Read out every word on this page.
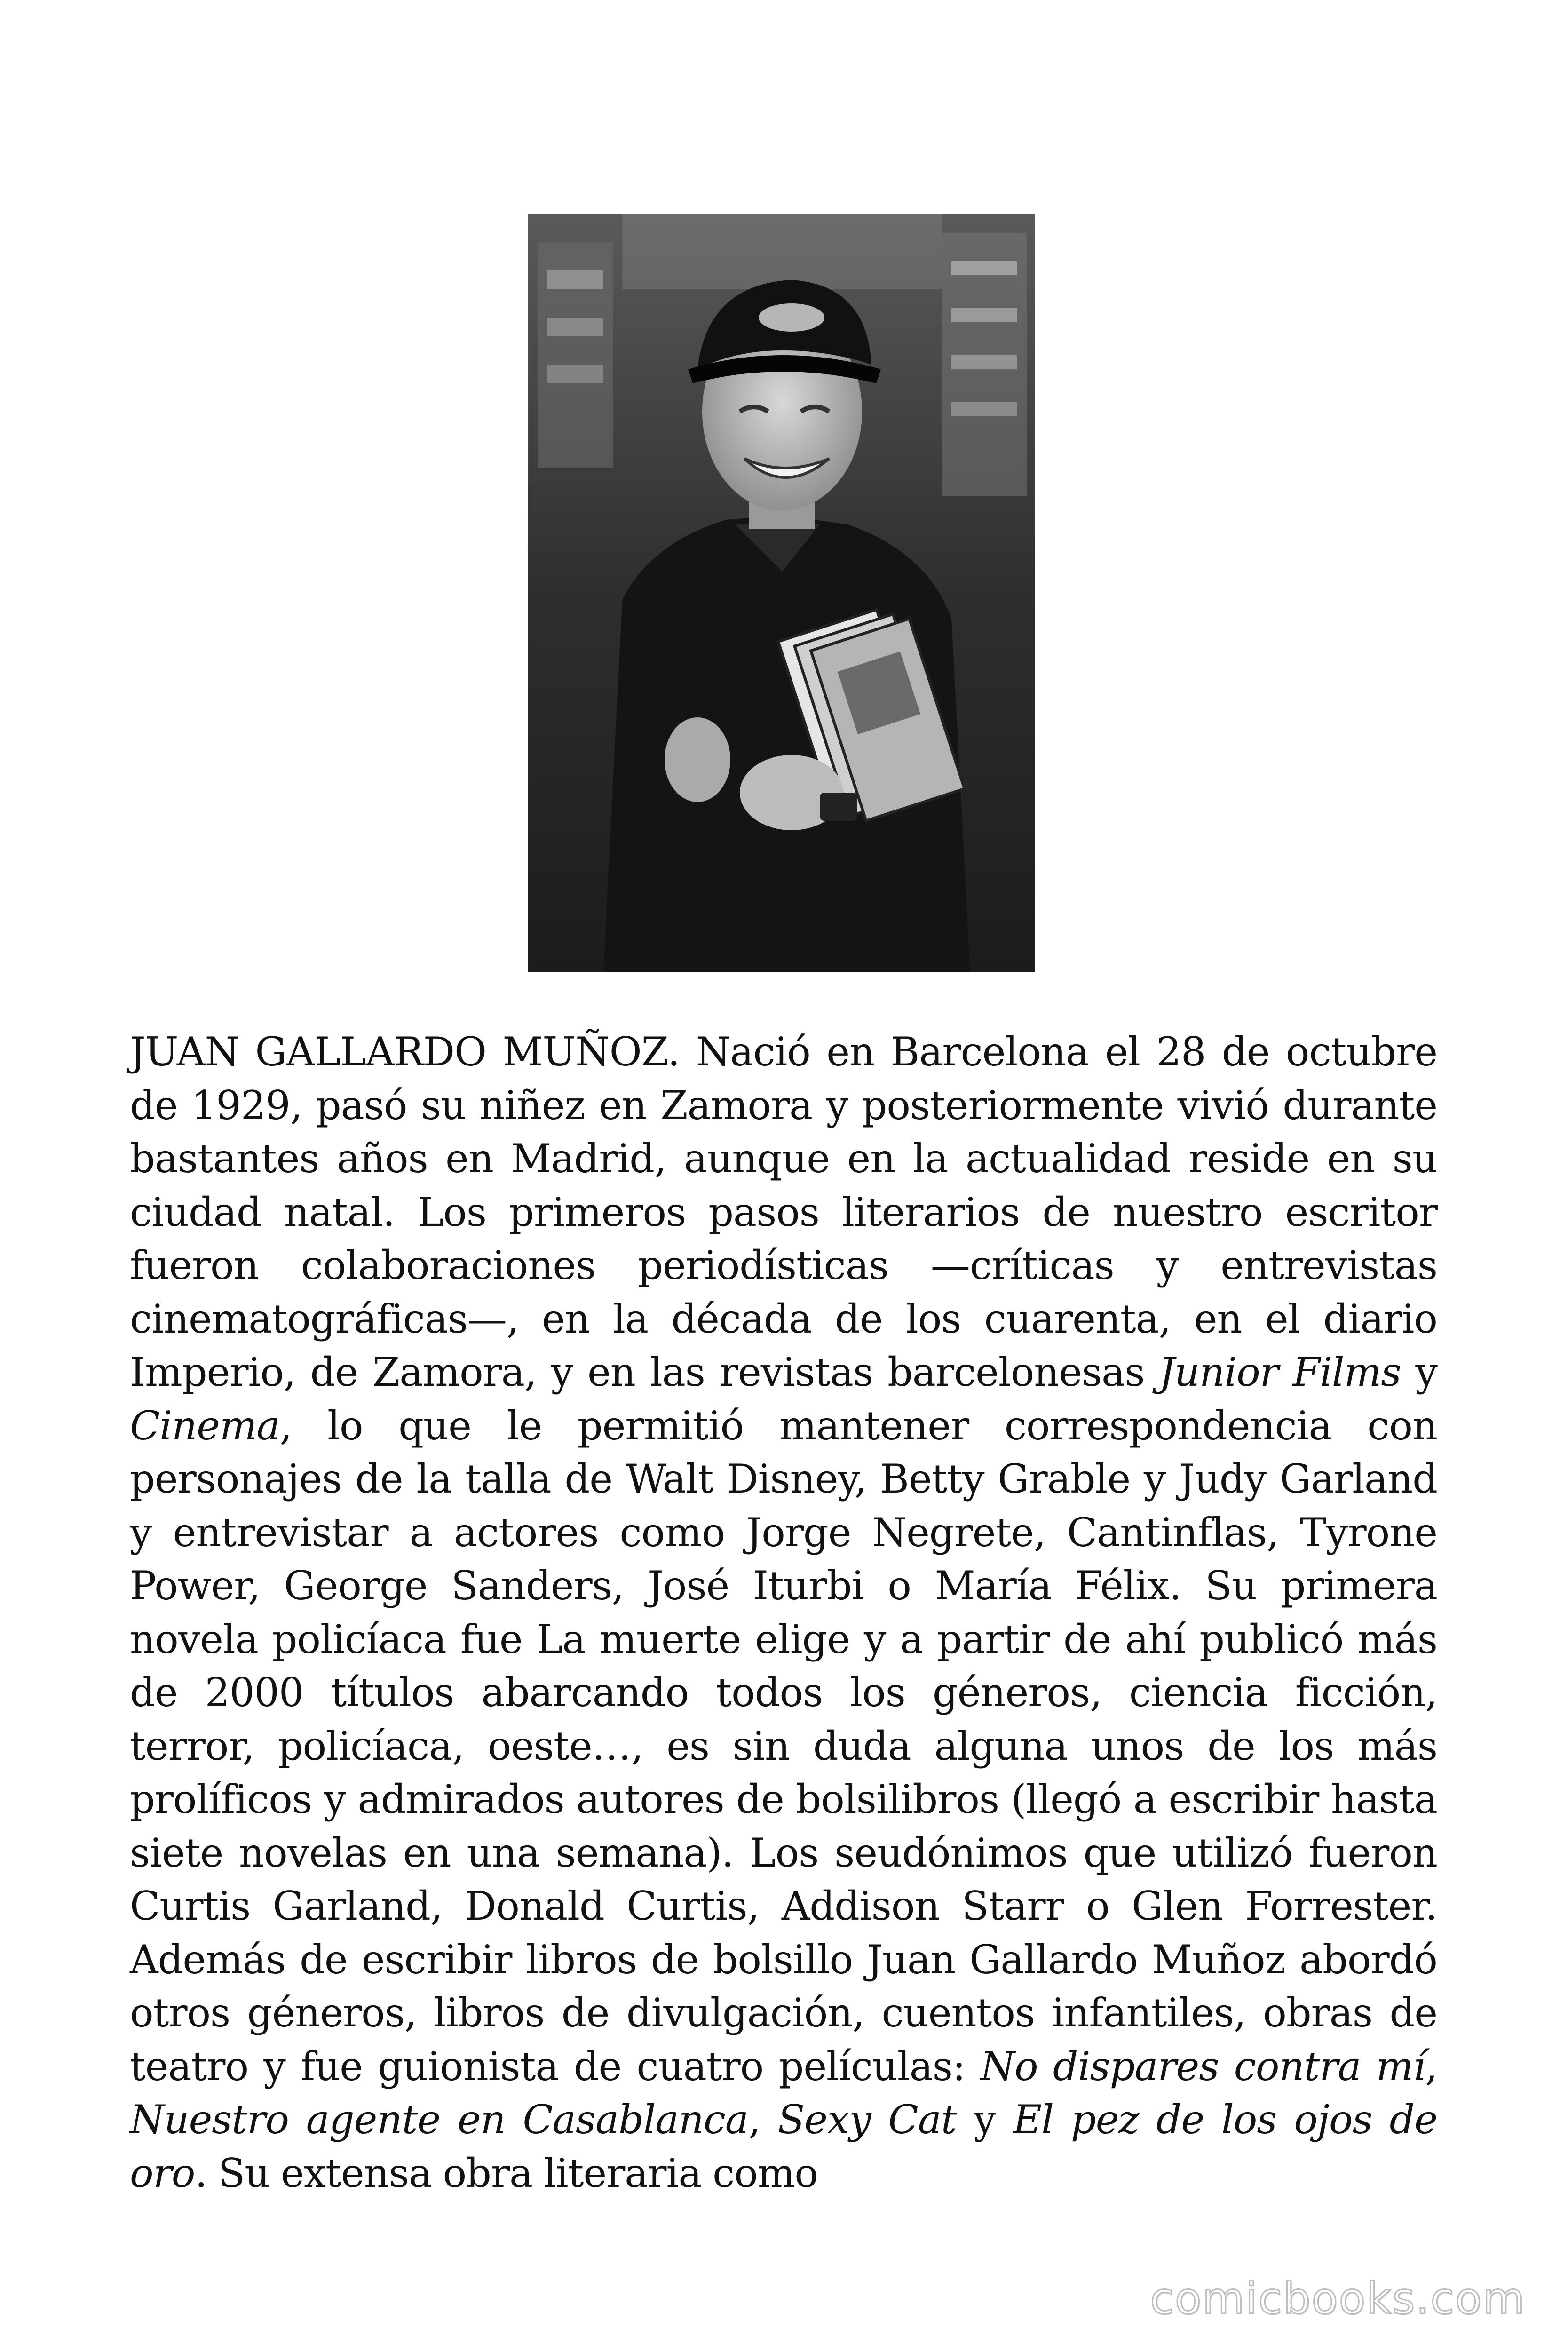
JUAN GALLARDO MUÑOZ. Nació en Barcelona el 28 de octubre de 1929, pasó su niñez en Zamora y posteriormente vivió durante bastantes años en Madrid, aunque en la actualidad reside en su ciudad natal. Los primeros pasos literarios de nuestro escritor fueron colaboraciones periodísticas —críticas y entrevistas cinematográficas—, en la década de los cuarenta, en el diario Imperio, de Zamora, y en las revistas barcelonesas Junior Films y Cinema, lo que le permitió mantener correspondencia con personajes de la talla de Walt Disney, Betty Grable y Judy Garland y entrevistar a actores como Jorge Negrete, Cantinflas, Tyrone Power, George Sanders, José Iturbi o María Félix. Su primera novela policíaca fue La muerte elige y a partir de ahí publicó más de 2000 títulos abarcando todos los géneros, ciencia ficción, terror, policíaca, oeste…, es sin duda alguna unos de los más prolíficos y admirados autores de bolsilibros (llegó a escribir hasta siete novelas en una semana). Los seudónimos que utilizó fueron Curtis Garland, Donald Curtis, Addison Starr o Glen Forrester. Además de escribir libros de bolsillo Juan Gallardo Muñoz abordó otros géneros, libros de divulgación, cuentos infantiles, obras de teatro y fue guionista de cuatro películas: No dispares contra mí, Nuestro agente en Casablanca, Sexy Cat y El pez de los ojos de oro. Su extensa obra literaria como

comicbooks.com
